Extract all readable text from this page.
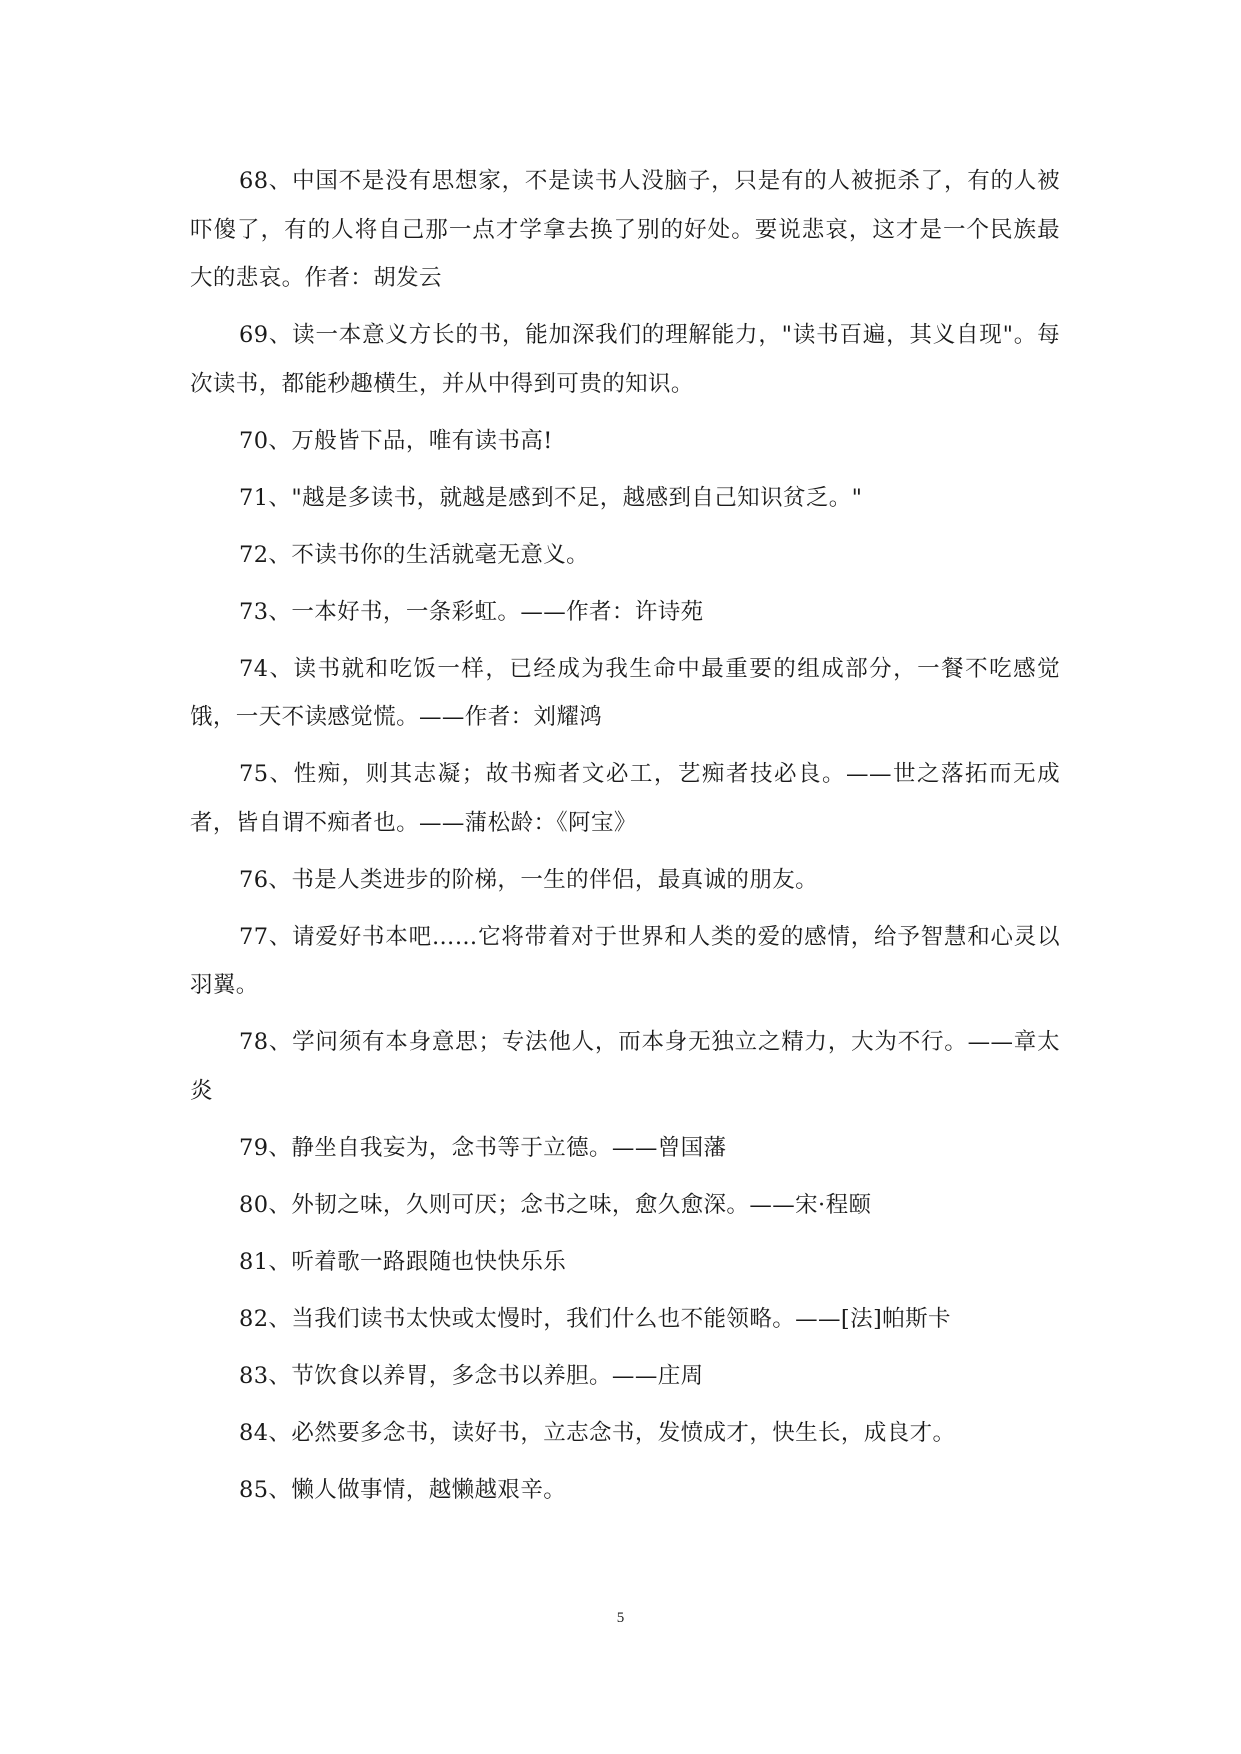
68、中国不是没有思想家，不是读书人没脑子，只是有的人被扼杀了，有的人被吓傻了，有的人将自己那一点才学拿去换了别的好处。要说悲哀，这才是一个民族最大的悲哀。作者：胡发云

69、读一本意义方长的书，能加深我们的理解能力，"读书百遍，其义自现"。每次读书，都能秒趣横生，并从中得到可贵的知识。

70、万般皆下品，唯有读书高!

71、"越是多读书，就越是感到不足，越感到自己知识贫乏。"

72、不读书你的生活就毫无意义。

73、一本好书，一条彩虹。——作者：许诗苑

74、读书就和吃饭一样，已经成为我生命中最重要的组成部分，一餐不吃感觉饿，一天不读感觉慌。——作者：刘耀鸿

75、性痴，则其志凝；故书痴者文必工，艺痴者技必良。——世之落拓而无成者，皆自谓不痴者也。——蒲松龄：《阿宝》

76、书是人类进步的阶梯，一生的伴侣，最真诚的朋友。

77、请爱好书本吧……它将带着对于世界和人类的爱的感情，给予智慧和心灵以羽翼。

78、学问须有本身意思；专法他人，而本身无独立之精力，大为不行。——章太炎

79、静坐自我妄为，念书等于立德。——曾国藩

80、外韧之味，久则可厌；念书之味，愈久愈深。——宋·程颐

81、听着歌一路跟随也快快乐乐

82、当我们读书太快或太慢时，我们什么也不能领略。——[法]帕斯卡

83、节饮食以养胃，多念书以养胆。——庄周

84、必然要多念书，读好书，立志念书，发愤成才，快生长，成良才。

85、懒人做事情，越懒越艰辛。

5
